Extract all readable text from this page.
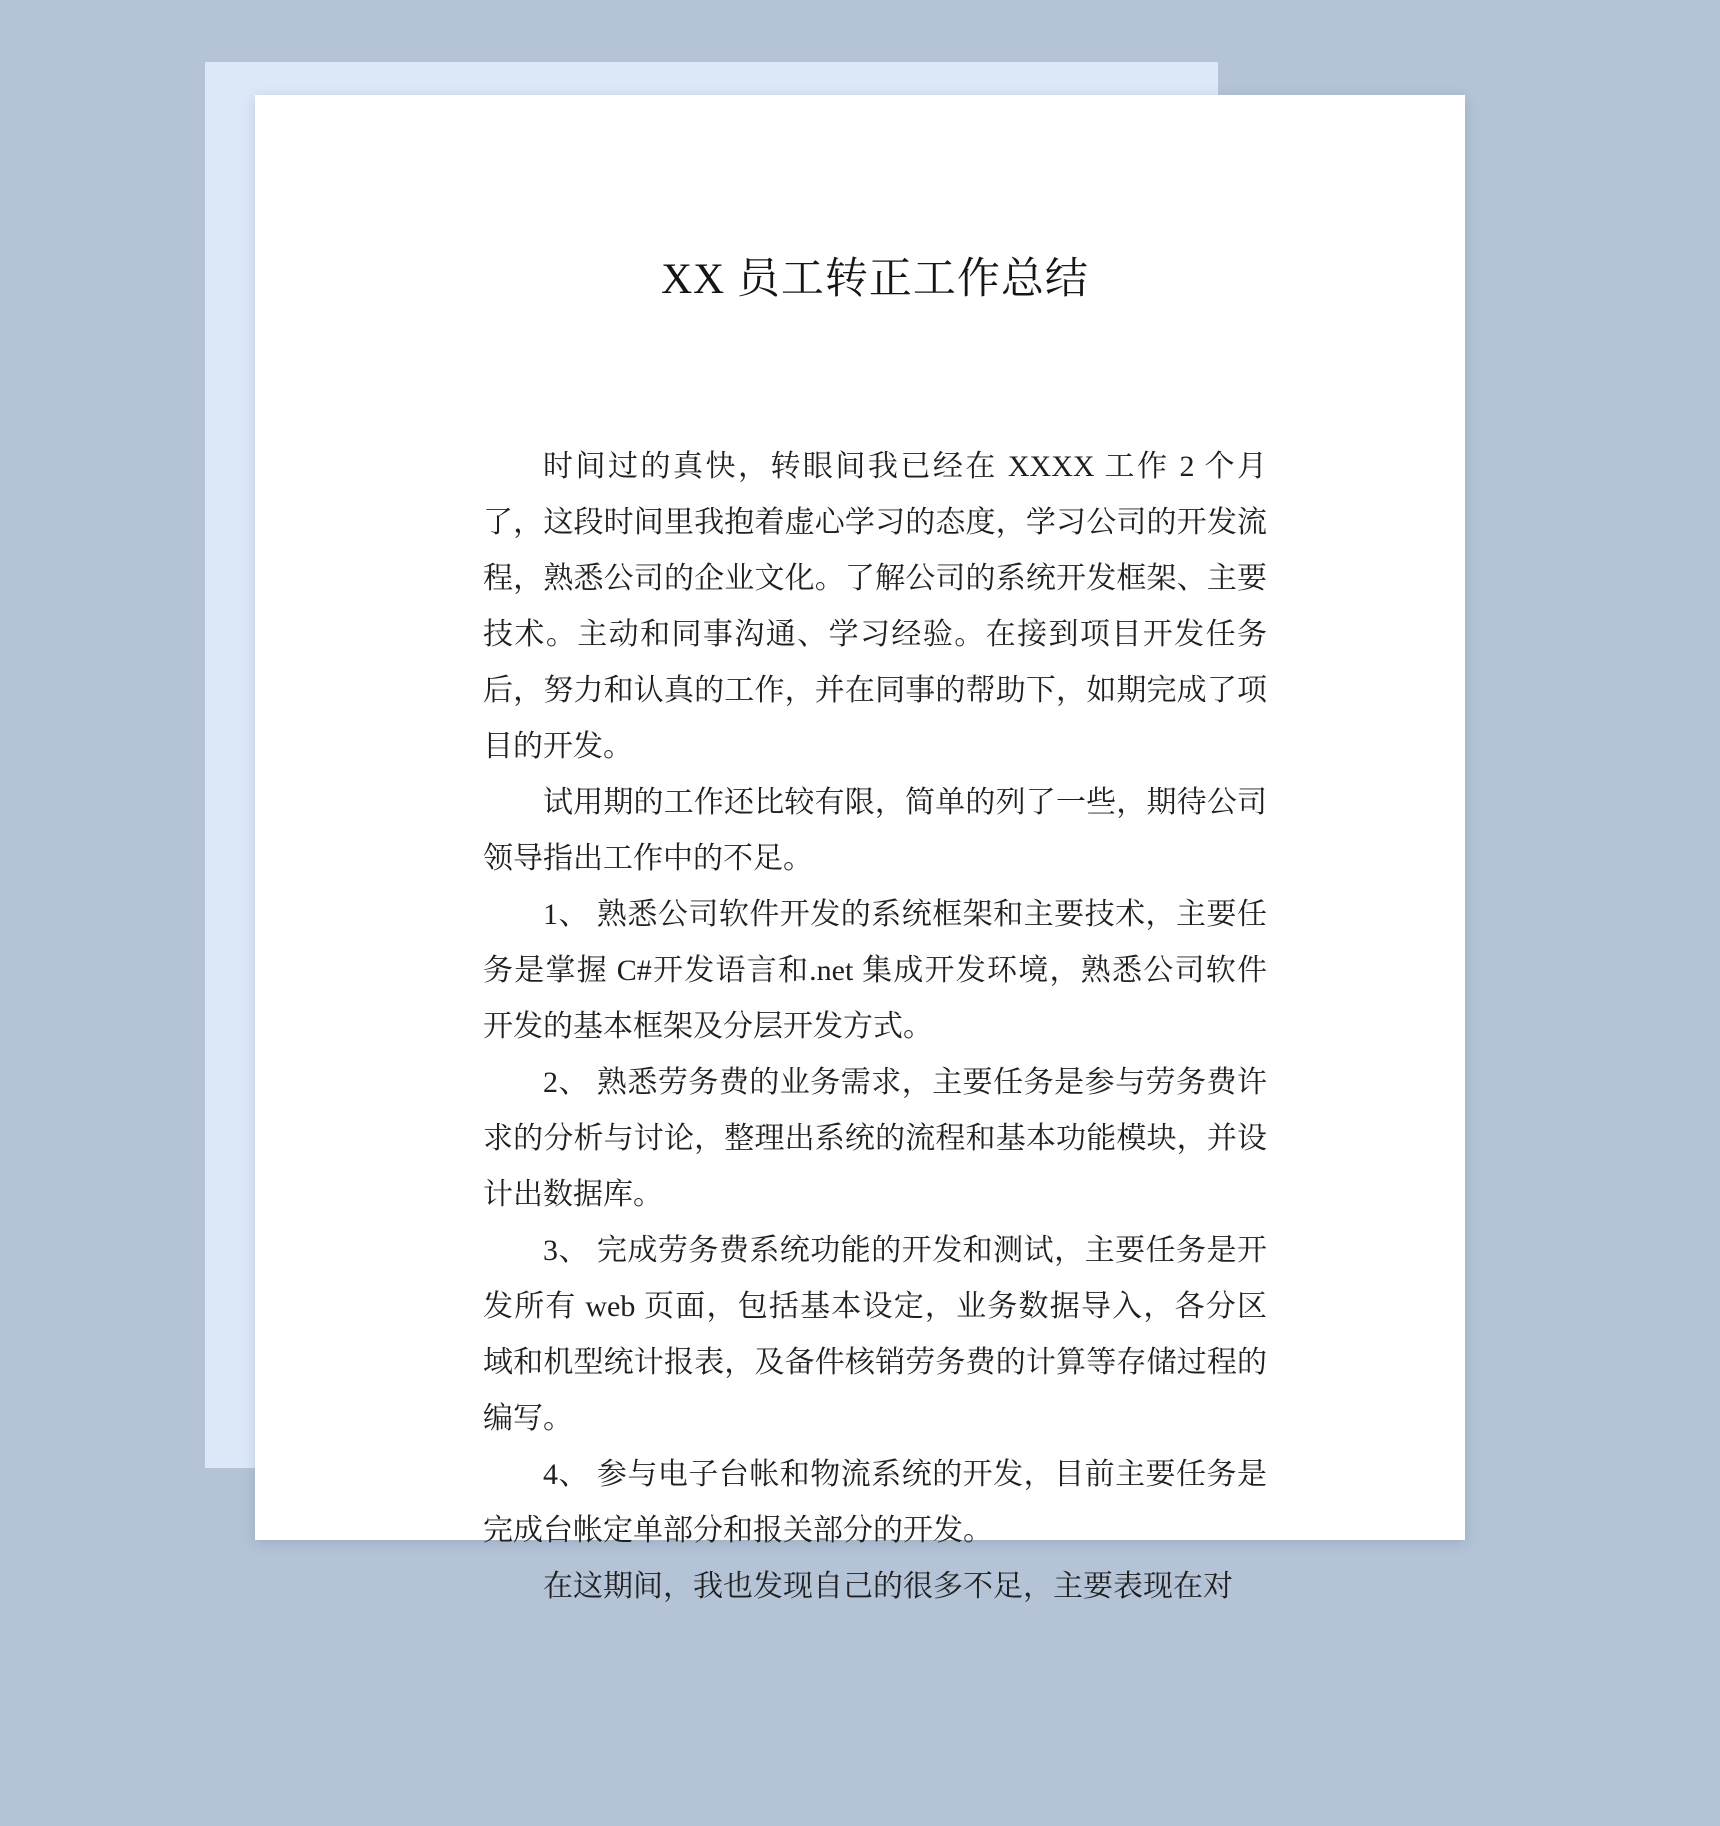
XX 员工转正工作总结

时间过的真快，转眼间我已经在 XXXX 工作 2 个月了，这段时间里我抱着虚心学习的态度，学习公司的开发流程，熟悉公司的企业文化。了解公司的系统开发框架、主要技术。主动和同事沟通、学习经验。在接到项目开发任务后，努力和认真的工作，并在同事的帮助下，如期完成了项目的开发。

试用期的工作还比较有限，简单的列了一些，期待公司领导指出工作中的不足。

1、 熟悉公司软件开发的系统框架和主要技术，主要任务是掌握 C#开发语言和.net 集成开发环境，熟悉公司软件开发的基本框架及分层开发方式。

2、 熟悉劳务费的业务需求，主要任务是参与劳务费许求的分析与讨论，整理出系统的流程和基本功能模块，并设计出数据库。

3、 完成劳务费系统功能的开发和测试，主要任务是开发所有 web 页面，包括基本设定，业务数据导入，各分区域和机型统计报表，及备件核销劳务费的计算等存储过程的编写。

4、 参与电子台帐和物流系统的开发，目前主要任务是完成台帐定单部分和报关部分的开发。

在这期间，我也发现自己的很多不足，主要表现在对
